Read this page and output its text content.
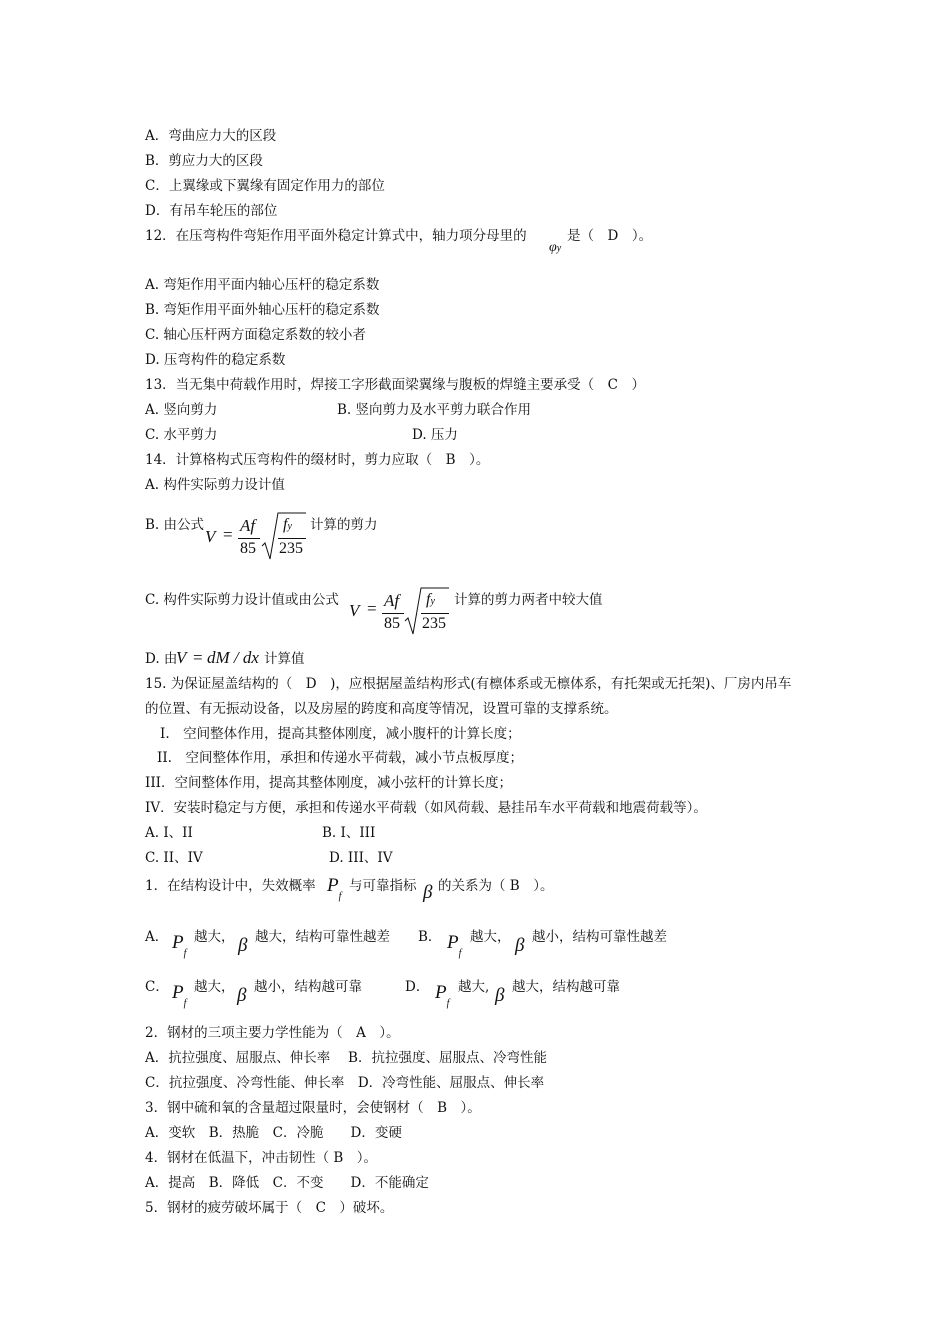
A．弯曲应力大的区段
B．剪应力大的区段
C．上翼缘或下翼缘有固定作用力的部位
D．有吊车轮压的部位
12．在压弯构件弯矩作用平面外稳定计算式中，轴力项分母里的
φy
是（　D　）。
A. 弯矩作用平面内轴心压杆的稳定系数
B. 弯矩作用平面外轴心压杆的稳定系数
C. 轴心压杆两方面稳定系数的较小者
D. 压弯构件的稳定系数
13．当无集中荷载作用时，焊接工字形截面梁翼缘与腹板的焊缝主要承受（　C　）
A. 竖向剪力	B. 竖向剪力及水平剪力联合作用
C. 水平剪力	D. 压力
14．计算格构式压弯构件的缀材时，剪力应取（　B　）。
A. 构件实际剪力设计值
B. 由公式
V = Af
85
fy
235
计算的剪力
C. 构件实际剪力设计值或由公式
V = Af
85
fy
235
计算的剪力两者中较大值
D. 由
V = dM / dx 计算值
15. 为保证屋盖结构的（　D　)，应根据屋盖结构形式(有檩体系或无檩体系，有托架或无托架)、厂房内吊车
的位置、有无振动设备，以及房屋的跨度和高度等情况，设置可靠的支撑系统。
I.　空间整体作用，提高其整体刚度，减小腹杆的计算长度；
II.　空间整体作用，承担和传递水平荷载，减小节点板厚度；
III．空间整体作用，提高其整体刚度，减小弦杆的计算长度；
IV．安装时稳定与方便，承担和传递水平荷载（如风荷载、悬挂吊车水平荷载和地震荷载等）。
A. I、II	B. I、III
C. II、IV	D. III、IV
1．在结构设计中，失效概率 $P_f$
与可靠指标 β 的关系为（ B　）。
A． $P_f$
越大， β 越大，结构可靠性越差 B． $P_f$
越大， β 越小，结构可靠性越差
C． $P_f$
越大， β 越小，结构越可靠	D． $P_f$
越大, β 越大，结构越可靠
2．钢材的三项主要力学性能为（　A　）。
A．抗拉强度、屈服点、伸长率　 B．抗拉强度、屈服点、冷弯性能
C．抗拉强度、冷弯性能、伸长率　D．冷弯性能、屈服点、伸长率
3．钢中硫和氧的含量超过限量时，会使钢材（　B　）。
A．变软　B．热脆　C．冷脆　　D．变硬
4．钢材在低温下，冲击韧性（ B　）。
A．提高　B．降低　C．不变　　D．不能确定
5．钢材的疲劳破坏属于（　C　）破坏。
